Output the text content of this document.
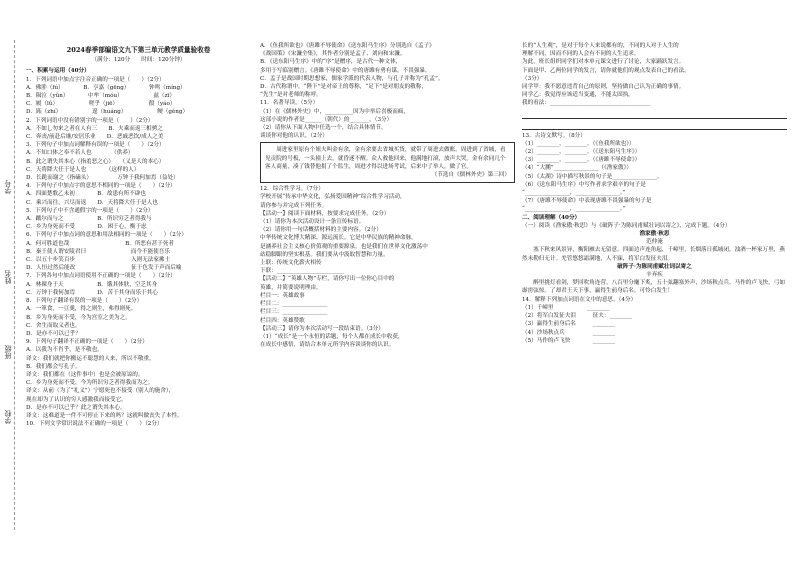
学号
姓名
班级
学校
2024春季部编语文九下第三单元教学质量验收卷
（满分：120分　　时间：120分钟）

一、积累与运用（40分）

1．下列词语中加点字注音正确的一项是（　　）（2分）

A．佛肸（fú）　　　　B．亨嘉（gēng）　　　　钟鸣（míng）

B．陨泣（yǔn）　　　　中牟（móu）　　　　　　兹（zī）

C．履（lǚ）　　　　　　嗟乎（jiē）　　　　　　殽（yáo）

D．跖（zhí）　　　　　　遑（huáng）　　　　　　鲠（gěng）

2．下列词语中没有错别字的一项是（　　）（2分）

A．不如乚勿来之者在人有三　　B．夫乘而返三相骋之

C．奔丧/前赴后继/安居乐业　　D．恶戚恶饮/成人之美

3．下列句子中加点词解释有误的一项是（　　）（2分）

A．不知口体之奉不若人也　　　　（供养）

B．此之谓失其本心（指羞恶之心）　　（义是人的本心）

C．天将降大任于是人也　　　　（这样的人）

D．长跪而谢之（指磕头）　　　　　万钟于我何加焉（益处）

4．下列句子中加点字的意思不相同的一项是（　　）（2分）

A．四面楚歌乙未初　　　　B．故患有所不辟也

C．乘兴而往，兴尽而返　　D．天将降大任于是人也

5．下列句子中不含通假字的一项是（　　）（2分）

A．蹴尔而与之　　　　　　B．所识穷乏者得我与

C．乡为身死而不受　　　　D．困于心，衡于虑

6．下列句子中加点词的意思和用法相同的一项是（　　）（2分）

A．何可胜道也哉　　　　　　　　　　B．所恶有甚于死者

B．秦王使人谓安陵君曰　　　　　　　　而今不能使吾乐

C．以五十步笑百步　　　　　　　　　　入则无法家拂士

D．人恒过然后能改　　　　　　　　　　征于色发于声而后喻

7．下列各句中加点词语使用不正确的一项是（　　）（2分）

A．林裸身于天　　　　　　B．饿其体肤，空乏其身

C．万钟于我何加焉　　　　D．苦于其身而乐于其心

8．下列句子翻译有误的一项是（　　）（2分）

A．一箪食，一豆羹，得之则生，弗得则死。

B．乡为身死而不受，今为宫室之美为之。

C．舍生而取义者也。

D．是亦不可以已乎？

9．下列句子翻译不正确的一项是（　　）（2分）

A．以我为不肖乎，是不敬也。

译文：我们就把你搬运不聪慧的人来，所以不敬重。

B．我们都会写孔子。

译文：我们都在（这件事中）也是会被原谅的。

C．乡为身死而不受，今为所识穷乏者得我而为之。

译文：从前（为了“礼义”）宁愿死也不接受（别人的施舍），

现在却为了认识的穷人感激我而接受它。

D．是亦不可以已乎？此之谓失其本心。

译文：这难道是一件不可停止下来的吗？这就叫做丧失了本性。

10．下列文学常识说法不正确的一项是（　　）（2分）

A．《鱼我所欲也》《唐雎不辱使命》《送东阳马生序》分别选自《孟子》

《战国策》《宋濂全集》，其作者分别是孟子、刘向和宋濂。

B．《送东阳马生序》中的“序”是赠序，是古代一种文体，

多用于写临别赠言。《唐雎不辱使命》中的唐雎有勇有谋，不畏强暴。

C．孟子是战国时期思想家，儒家学派的代表人物，与孔子并称为“孔孟”。

D．古代称谓中，“陛下”是对帝王的尊称，“足下”是对朋友的敬称，

“先生”是对老师的称呼。

11．名著导读。（5分）

（1）在《儒林外史》中，__________因为中举后喜极而疯，

这部小说的作者是______（朝代）的_______。（3分）

（2）请你从下面人物中任选一个，结合具体情节，

谈谈你对他的认识。（2分）

周进家里原有个姐夫叫金有余，金有余要去省城买货，就带了周进去做账。周进到了省城，看见贡院的号板，一头撞上去，就昏迷不醒。众人救他回来，他满地打滚，放声大哭。金有余同几个客人商量，凑了钱替他捐了个监生，周进才得以进场考试，后来中了举人，做了官。

（节选自《儒林外史》第三回）

12．综合性学习。（7分）

学校开展“传承中华文化，弘扬爱国精神”综合性学习活动，

请你参与并完成下列任务。

【活动一】阅读下面材料，按要求完成任务。（2分）

（1）请你为本次活动设计一条宣传标语。

（2）请你用一句话概括材料的主要内容。（2分）

中华传统文化博大精深，源远流长。它是中华民族的精神命脉，

是涵养社会主义核心价值观的重要源泉，也是我们在世界文化激荡中

站稳脚跟的坚实根基。我们要从中汲取智慧和力量。

上联：传统文化薪火相传

下联：________________________

【活动二】“英雄人物”专栏，请你写出一位你心目中的

英雄，并简要说明理由。

栏目一：英雄故事

栏目二：________________

栏目三：________________

栏目四：英雄赞歌

【活动三】请你为本次活动写一段结束语。（3分）

（1）“成长”是一个永恒的话题，每个人都在成长中收获，

在成长中感悟，请结合本单元所学内容谈谈你的认识。

长的“人生观”，是对于每个人来说都有的，不同的人对于人生的

理解不同，因而不同的人会有不同的人生追求。

为此，班长组织同学们对本单元课文进行了讨论，大家踊跃发言。

下面是甲、乙两位同学的发言，请你就他们的观点发表自己的看法。

（3分）

同学甲：我不愿意违背自己的原则，坚持做自己认为正确的事情。

同学乙：我觉得应该适当变通，不能太固执。

我的看法：____________________________________

13．古诗文默写。（8分）

（1）________，________。（《鱼我所欲也》）

（2）________，________。（《送东阳马生序》）

（3）________，________。（《唐雎不辱使命》）

（4）“大鹏”________________（《渔家傲》）

（5）《太湖》诗中描写秋景的句子是________________。

（6）《送东阳马生序》中写作者求学艰辛的句子是

“________________，________________。”

（7）《唐雎不辱使命》中表现唐雎不畏强暴的句子是

“________________，________________。”

二、阅读理解（40分）

（一）阅读《渔家傲·秋思》与《破阵子·为陈同甫赋壮词以寄之》，完成下题。（4分）

渔家傲·秋思
范仲淹

塞下秋来风景异，衡阳雁去无留意。四面边声连角起，千嶂里，长烟落日孤城闭。浊酒一杯家万里，燕然未勒归无计。羌管悠悠霜满地，人不寐，将军白发征夫泪。

破阵子·为陈同甫赋壮词以寄之
辛弃疾

醉里挑灯看剑，梦回吹角连营。八百里分麾下炙，五十弦翻塞外声，沙场秋点兵。马作的卢飞快，弓如霹雳弦惊。了却君王天下事，赢得生前身后名。可怜白发生！

14．解释下列加点词语在文中的意思。（4分）

（1）千嶂里　　　　　　________

（2）将军白发征夫泪　　　征夫：________

（3）赢得生前身后名　　　________

（4）沙场秋点兵　　　　　________

（5）马作的卢飞快　　　　________
